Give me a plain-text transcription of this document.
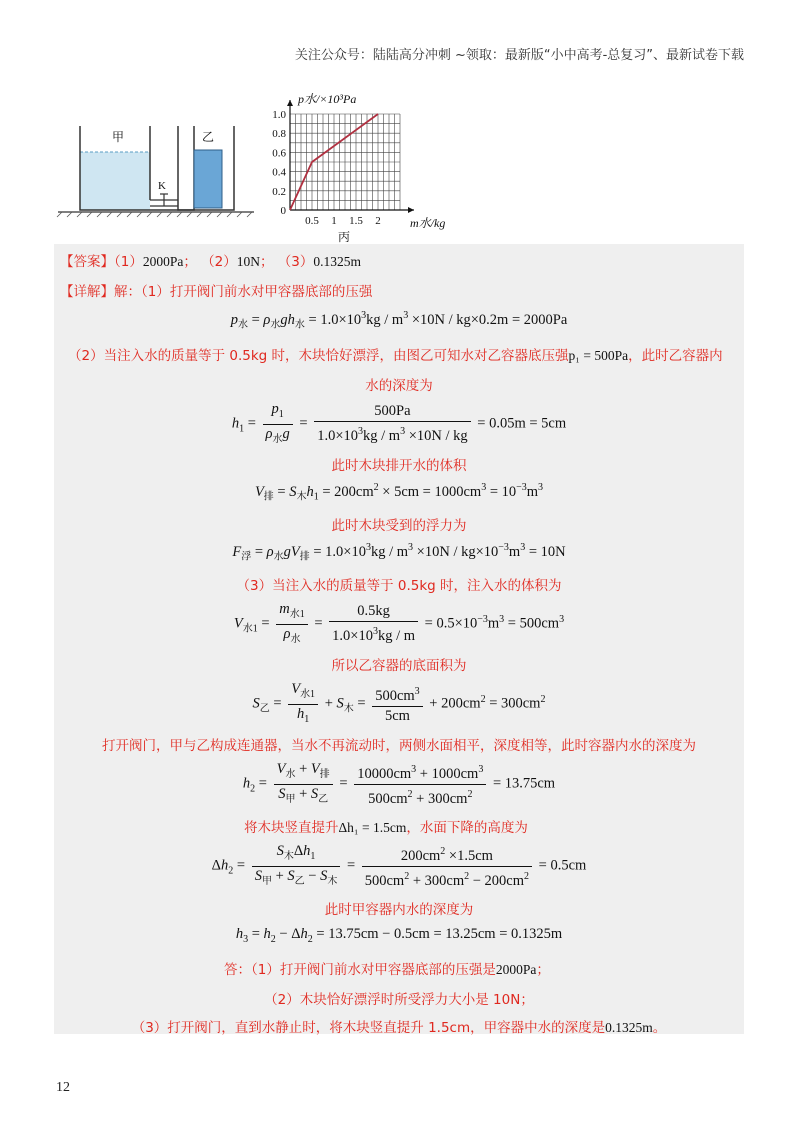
关注公众号：陆陆高分冲刺 ~领取：最新版“小中高考-总复习”、最新试卷下载
甲	乙
K
0
0.2
0.4
0.6
0.8
1.0
0.5 1 1.5 2
p水/×10³Pa
m水/kg
丙
【答案】（1）2000Pa； （2）10N； （3）0.1325m
【详解】解：（1）打开阀门前水对甲容器底部的压强
$p_水 = \rho_水gh_水 = 1.0\times 10^3kg / m^3 \times 10N / kg\times 0.2m = 2000Pa$
（2）当注入水的质量等于 0.5kg 时，木块恰好漂浮，由图乙可知水对乙容器底压强p₁ = 500Pa，此时乙容器内
水的深度为
$h_1 = \frac{p_1}{\rho_水g} = \frac{500Pa}{1.0\times 10^3kg / m^3 \times 10N / kg} = 0.05m = 5cm$
此时木块排开水的体积
$V_排 = S_木h_1 = 200cm^2 \times 5cm = 1000cm^3 = 10^{-3}m^3$
此时木块受到的浮力为
$F_浮 = \rho_水gV_排 = 1.0\times 10^3kg / m^3 \times 10N / kg\times 10^{-3}m^3 = 10N$
（3）当注入水的质量等于 0.5kg 时，注入水的体积为
$V_{水1} = \frac{m_{水1}}{\rho_水} = \frac{0.5kg}{1.0\times 10^3kg / m} = 0.5\times 10^{-3}m^3 = 500cm^3$
所以乙容器的底面积为
$S_乙 = \frac{V_{水1}}{h_1} + S_木 = \frac{500cm^3}{5cm} + 200cm^2 = 300cm^2$
打开阀门，甲与乙构成连通器，当水不再流动时，两侧水面相平，深度相等，此时容器内水的深度为
$h_2 = \frac{V_水 + V_排}{S_甲 + S_乙} = \frac{10000cm^3 + 1000cm^3}{500cm^2 + 300cm^2} = 13.75cm$
将木块竖直提升Δh₁ = 1.5cm，水面下降的高度为
$\Delta h_2 = \frac{S_木\Delta h_1}{S_甲 + S_乙 - S_木} = \frac{200cm^2 \times 1.5cm}{500cm^2 + 300cm^2 - 200cm^2} = 0.5cm$
此时甲容器内水的深度为
$h_3 = h_2 - \Delta h_2 = 13.75cm - 0.5cm = 13.25cm = 0.1325m$
答：（1）打开阀门前水对甲容器底部的压强是2000Pa；
（2）木块恰好漂浮时所受浮力大小是 10N；
（3）打开阀门，直到水静止时，将木块竖直提升 1.5cm，甲容器中水的深度是0.1325m。
12
